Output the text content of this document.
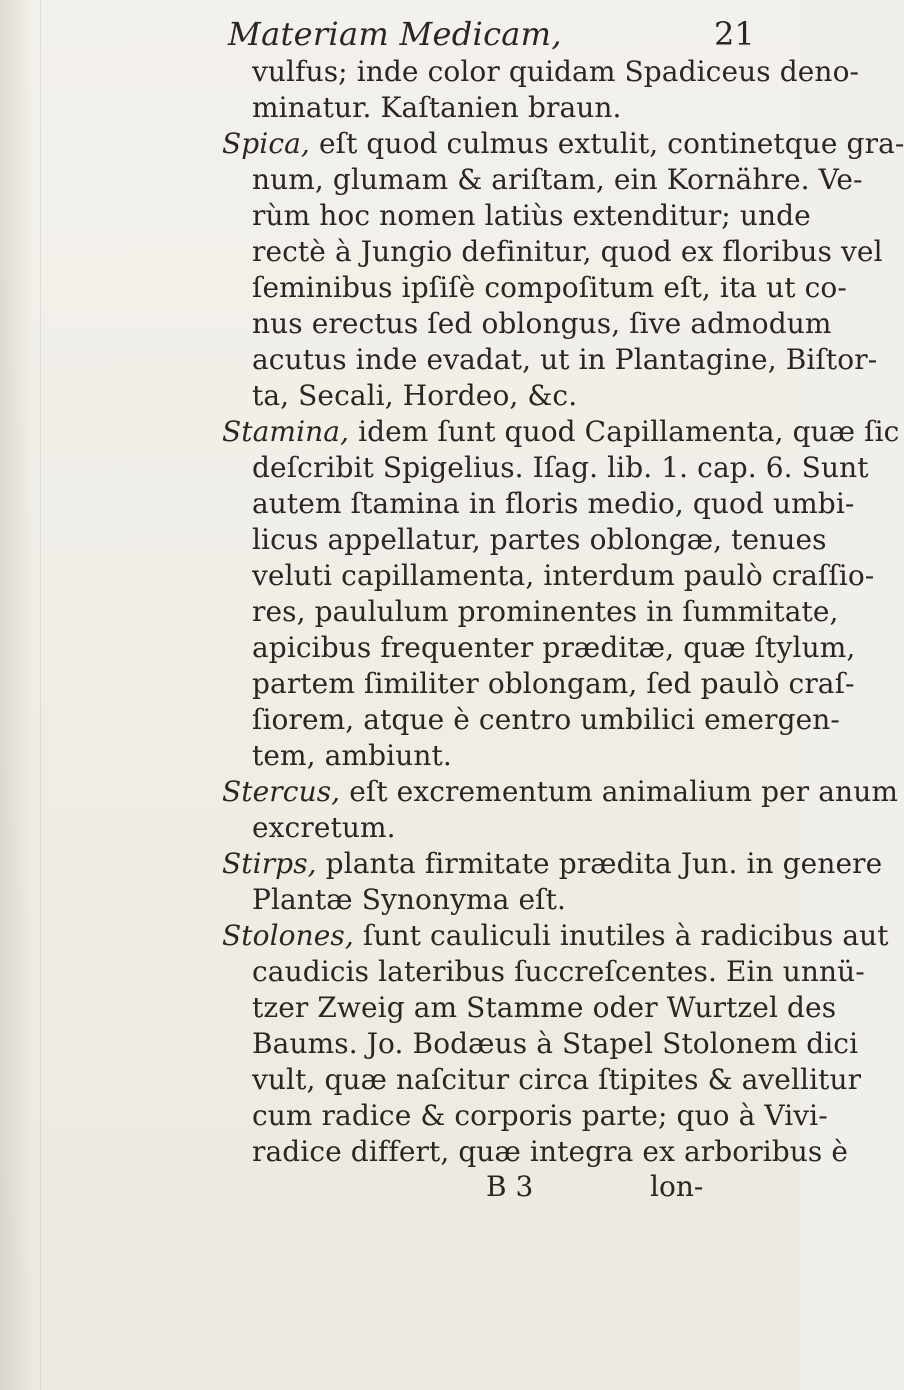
Materiam Medicam,	21
vulfus; inde color quidam Spadiceus deno-
minatur. Kaſtanien braun.
Spica, eſt quod culmus extulit, continetque gra-
num, glumam & ariſtam, ein Kornähre. Ve-
rùm hoc nomen latiùs extenditur; unde
rectè à Jungio definitur, quod ex floribus vel
ſeminibus ipſiſè compoſitum eſt, ita ut co-
nus erectus ſed oblongus, ſive admodum
acutus inde evadat, ut in Plantagine, Biſtor-
ta, Secali, Hordeo, &c.
Stamina, idem ſunt quod Capillamenta, quæ ſic
deſcribit Spigelius. Iſag. lib. 1. cap. 6. Sunt
autem ſtamina in floris medio, quod umbi-
licus appellatur, partes oblongæ, tenues
veluti capillamenta, interdum paulò craſſio-
res, paululum prominentes in ſummitate,
apicibus frequenter præditæ, quæ ſtylum,
partem ſimiliter oblongam, ſed paulò craſ-
ſiorem, atque è centro umbilici emergen-
tem, ambiunt.
Stercus, eſt excrementum animalium per anum
excretum.
Stirps, planta firmitate prædita Jun. in genere
Plantæ Synonyma eſt.
Stolones, ſunt cauliculi inutiles à radicibus aut
caudicis lateribus ſuccreſcentes. Ein unnü-
tzer Zweig am Stamme oder Wurtzel des
Baums. Jo. Bodæus à Stapel Stolonem dici
vult, quæ naſcitur circa ſtipites & avellitur
cum radice & corporis parte; quo à Vivi-
radice differt, quæ integra ex arboribus è
B 3	lon-
